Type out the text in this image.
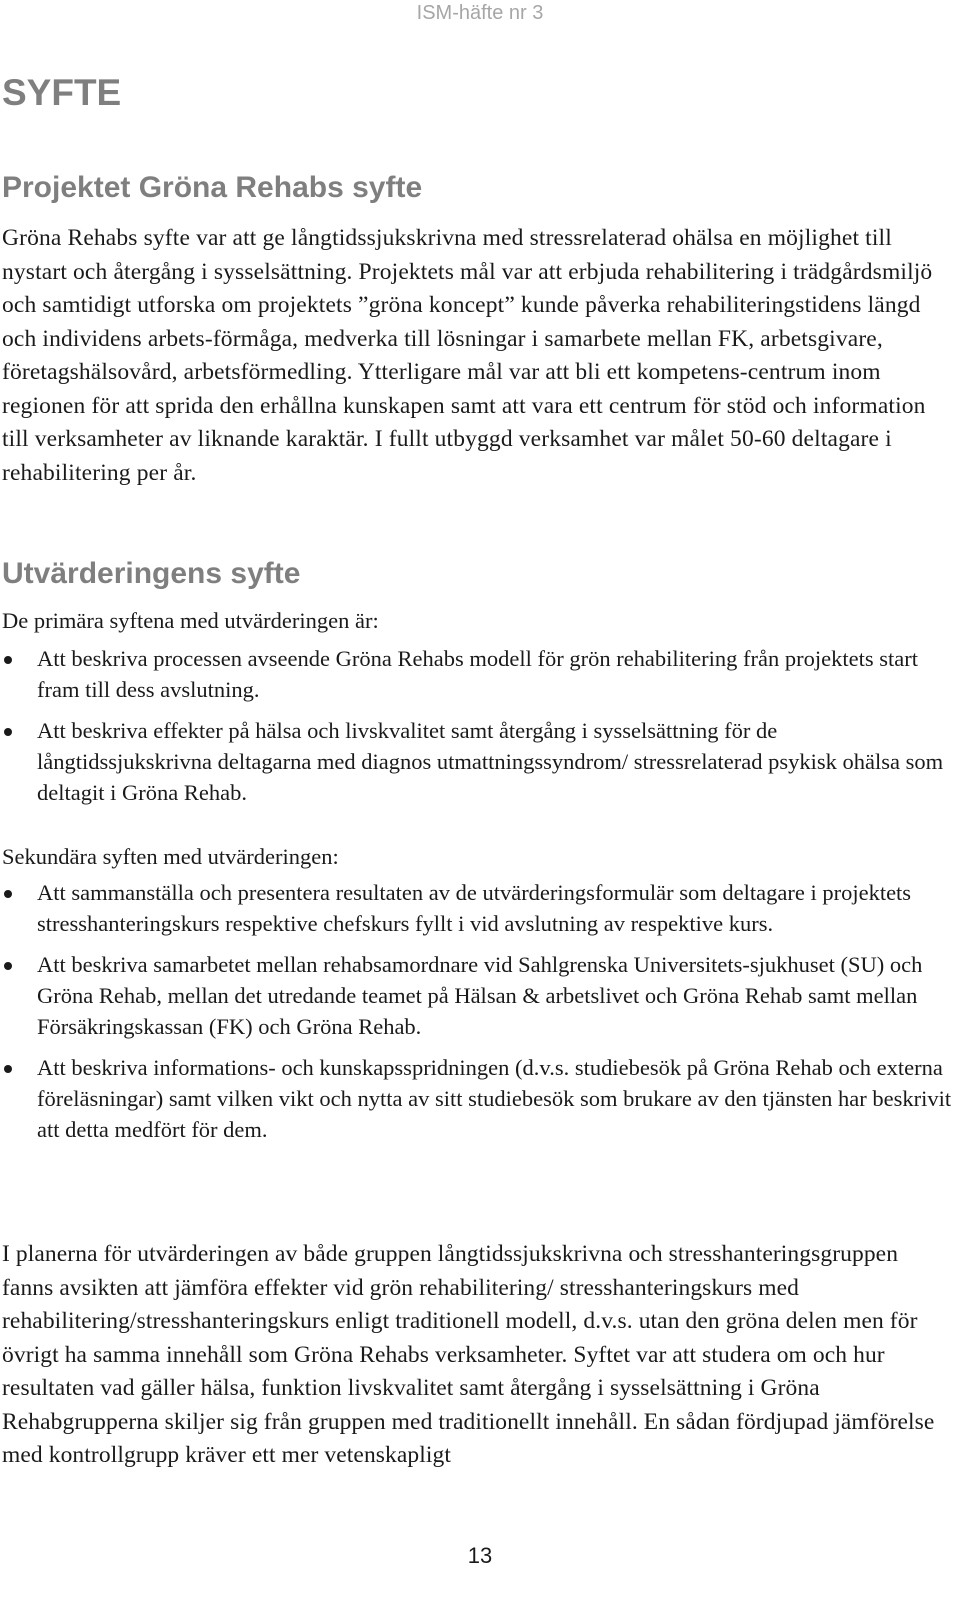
ISM-häfte nr 3
SYFTE
Projektet Gröna Rehabs syfte

Gröna Rehabs syfte var att ge långtidssjukskrivna med stressrelaterad ohälsa en möjlighet till nystart och återgång i sysselsättning. Projektets mål var att erbjuda rehabilitering i trädgårdsmiljö och samtidigt utforska om projektets ”gröna koncept” kunde påverka rehabiliteringstidens längd och individens arbets-förmåga, medverka till lösningar i samarbete mellan FK, arbetsgivare, företagshälsovård, arbetsförmedling. Ytterligare mål var att bli ett kompetens-centrum inom regionen för att sprida den erhållna kunskapen samt att vara ett centrum för stöd och information till verksamheter av liknande karaktär. I fullt utbyggd verksamhet var målet 50-60 deltagare i rehabilitering per år.

Utvärderingens syfte

De primära syftena med utvärderingen är:

Att beskriva processen avseende Gröna Rehabs modell för grön rehabilitering från projektets start fram till dess avslutning.
Att beskriva effekter på hälsa och livskvalitet samt återgång i sysselsättning för de långtidssjukskrivna deltagarna med diagnos utmattningssyndrom/ stressrelaterad psykisk ohälsa som deltagit i Gröna Rehab.

Sekundära syften med utvärderingen:

Att sammanställa och presentera resultaten av de utvärderingsformulär som deltagare i projektets stresshanteringskurs respektive chefskurs fyllt i vid avslutning av respektive kurs.
Att beskriva samarbetet mellan rehabsamordnare vid Sahlgrenska Universitets-sjukhuset (SU) och Gröna Rehab, mellan det utredande teamet på Hälsan & arbetslivet och Gröna Rehab samt mellan Försäkringskassan (FK) och Gröna Rehab.
Att beskriva informations- och kunskapsspridningen (d.v.s. studiebesök på Gröna Rehab och externa föreläsningar) samt vilken vikt och nytta av sitt studiebesök som brukare av den tjänsten har beskrivit att detta medfört för dem.

I planerna för utvärderingen av både gruppen långtidssjukskrivna och stresshanteringsgruppen fanns avsikten att jämföra effekter vid grön rehabilitering/ stresshanteringskurs med rehabilitering/stresshanteringskurs enligt traditionell modell, d.v.s. utan den gröna delen men för övrigt ha samma innehåll som Gröna Rehabs verksamheter. Syftet var att studera om och hur resultaten vad gäller hälsa, funktion livskvalitet samt återgång i sysselsättning i Gröna Rehabgrupperna skiljer sig från gruppen med traditionellt innehåll. En sådan fördjupad jämförelse med kontrollgrupp kräver ett mer vetenskapligt

13
